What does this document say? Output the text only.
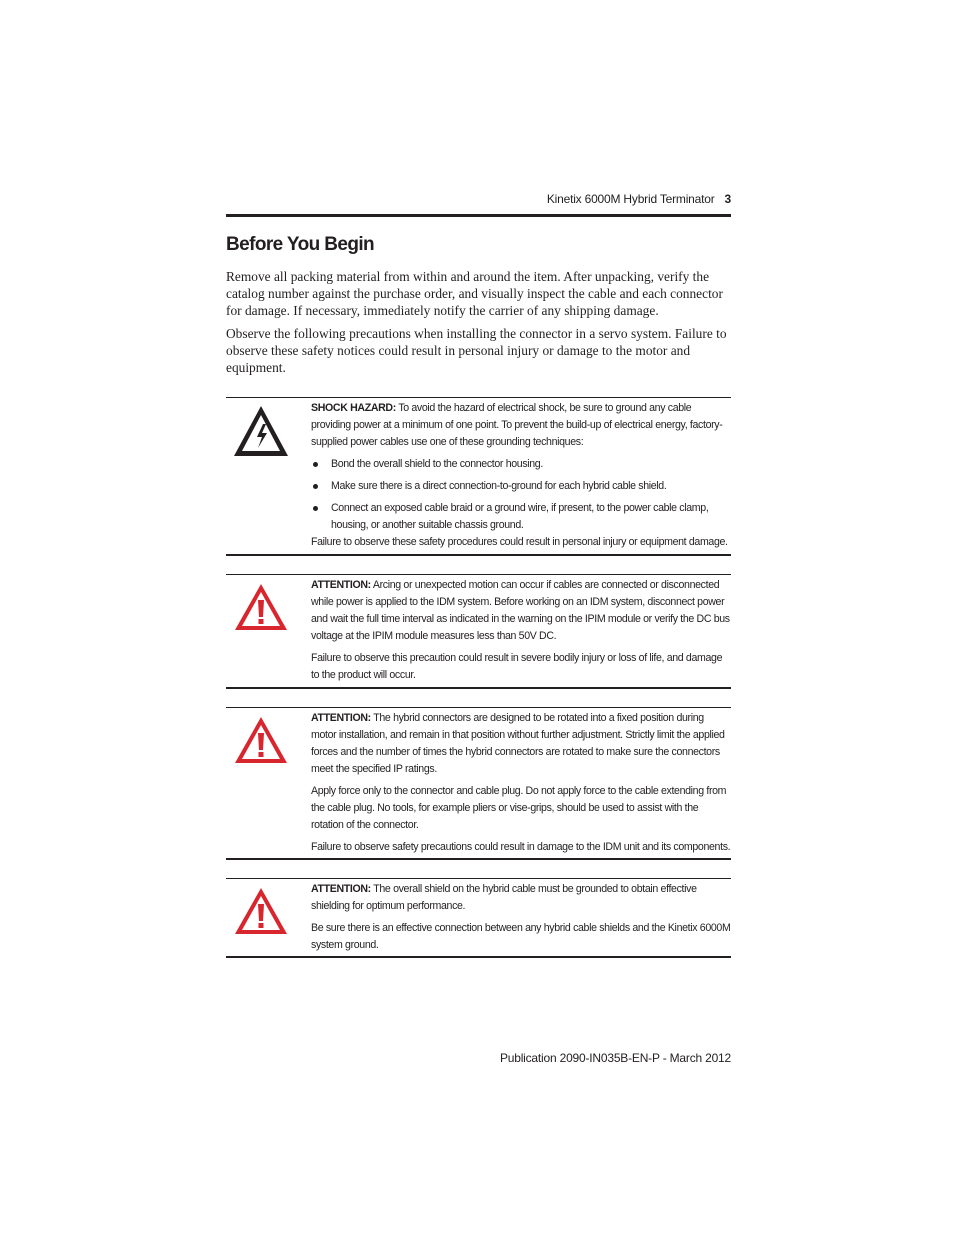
Kinetix 6000M Hybrid Terminator 3
Before You Begin

Remove all packing material from within and around the item. After unpacking, verify the catalog number against the purchase order, and visually inspect the cable and each connector for damage. If necessary, immediately notify the carrier of any shipping damage.

Observe the following precautions when installing the connector in a servo system. Failure to observe these safety notices could result in personal injury or damage to the motor and equipment.

SHOCK HAZARD: To avoid the hazard of electrical shock, be sure to ground any cable providing power at a minimum of one point. To prevent the build-up of electrical energy, factory-supplied power cables use one of these grounding techniques:

Bond the overall shield to the connector housing.
Make sure there is a direct connection-to-ground for each hybrid cable shield.
Connect an exposed cable braid or a ground wire, if present, to the power cable clamp, housing, or another suitable chassis ground.

Failure to observe these safety procedures could result in personal injury or equipment damage.

ATTENTION: Arcing or unexpected motion can occur if cables are connected or disconnected while power is applied to the IDM system. Before working on an IDM system, disconnect power and wait the full time interval as indicated in the warning on the IPIM module or verify the DC bus voltage at the IPIM module measures less than 50V DC.

Failure to observe this precaution could result in severe bodily injury or loss of life, and damage to the product will occur.

ATTENTION: The hybrid connectors are designed to be rotated into a fixed position during motor installation, and remain in that position without further adjustment. Strictly limit the applied forces and the number of times the hybrid connectors are rotated to make sure the connectors meet the specified IP ratings.

Apply force only to the connector and cable plug. Do not apply force to the cable extending from the cable plug. No tools, for example pliers or vise-grips, should be used to assist with the rotation of the connector.

Failure to observe safety precautions could result in damage to the IDM unit and its components.

ATTENTION: The overall shield on the hybrid cable must be grounded to obtain effective shielding for optimum performance.

Be sure there is an effective connection between any hybrid cable shields and the Kinetix 6000M system ground.

Publication 2090-IN035B-EN-P - March 2012
